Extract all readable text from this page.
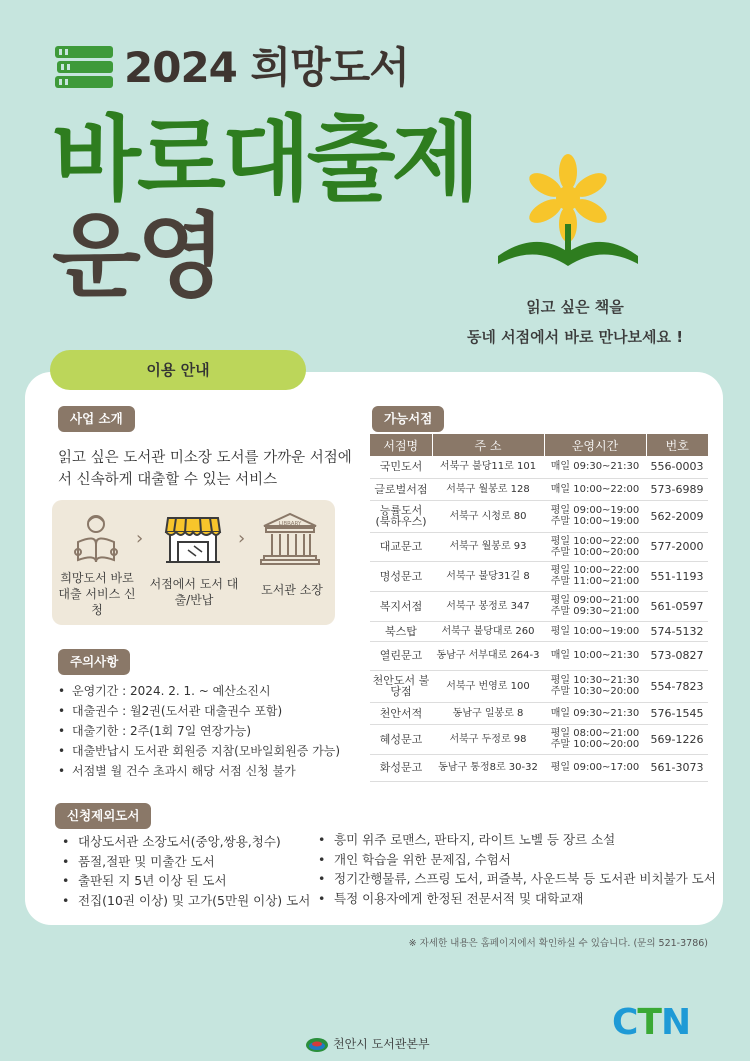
2024 희망도서
바로대출제
운영	읽고 싶은 책을
동네 서점에서 바로 만나보세요 !
이용 안내
사업 소개
읽고 싶은 도서관 미소장 도서를 가까운 서점에서 신속하게 대출할 수 있는 서비스
희망도서 바로대출 서비스 신청
›
서점에서 도서 대출/반납
›
LIBRARY
도서관 소장
주의사항
• 운영기간 : 2024. 2. 1. ~ 예산소진시
• 대출권수 : 월2권(도서관 대출권수 포함)
• 대출기한 : 2주(1회 7일 연장가능)
• 대출반납시 도서관 회원증 지참(모바일회원증 가능)
• 서점별 월 건수 초과시 해당 서점 신청 불가
가능서점
서점명	주 소	운영시간	번호
국민도서	서북구 불당11로 101	매일 09:30~21:30	556-0003
글로벌서점	서북구 월봉로 128	매일 10:00~22:00	573-6989
능률도서 (북하우스)	서북구 시청로 80	평일 09:00~19:00 주말 10:00~19:00	562-2009
대교문고	서북구 월봉로 93	평일 10:00~22:00 주말 10:00~20:00	577-2000
명성문고	서북구 불당31길 8	평일 10:00~22:00 주말 11:00~21:00	551-1193
복지서점	서북구 봉정로 347	평일 09:00~21:00 주말 09:30~21:00	561-0597
북스탑	서북구 불당대로 260	평일 10:00~19:00	574-5132
열린문고	동남구 서부대로 264-3	매일 10:00~21:30	573-0827
천안도서 불당점	서북구 번영로 100	평일 10:30~21:30 주말 10:30~20:00	554-7823
천안서적	동남구 일봉로 8	매일 09:30~21:30	576-1545
혜성문고	서북구 두정로 98	평일 08:00~21:00 주말 10:00~20:00	569-1226
화성문고	동남구 통정8로 30-32	평일 09:00~17:00	561-3073
신청제외도서
• 대상도서관 소장도서(중앙,쌍용,청수)
• 품절,절판 및 미출간 도서
• 출판된 지 5년 이상 된 도서
• 전집(10권 이상) 및 고가(5만원 이상) 도서
• 흥미 위주 로맨스, 판타지, 라이트 노벨 등 장르 소설
• 개인 학습을 위한 문제집, 수험서
• 정기간행물류, 스프링 도서, 퍼즐북, 사운드북 등 도서관 비치불가 도서
• 특정 이용자에게 한정된 전문서적 및 대학교재
※ 자세한 내용은 홈페이지에서 확인하실 수 있습니다. (문의 521-3786)
천안시 도서관본부
CTN
